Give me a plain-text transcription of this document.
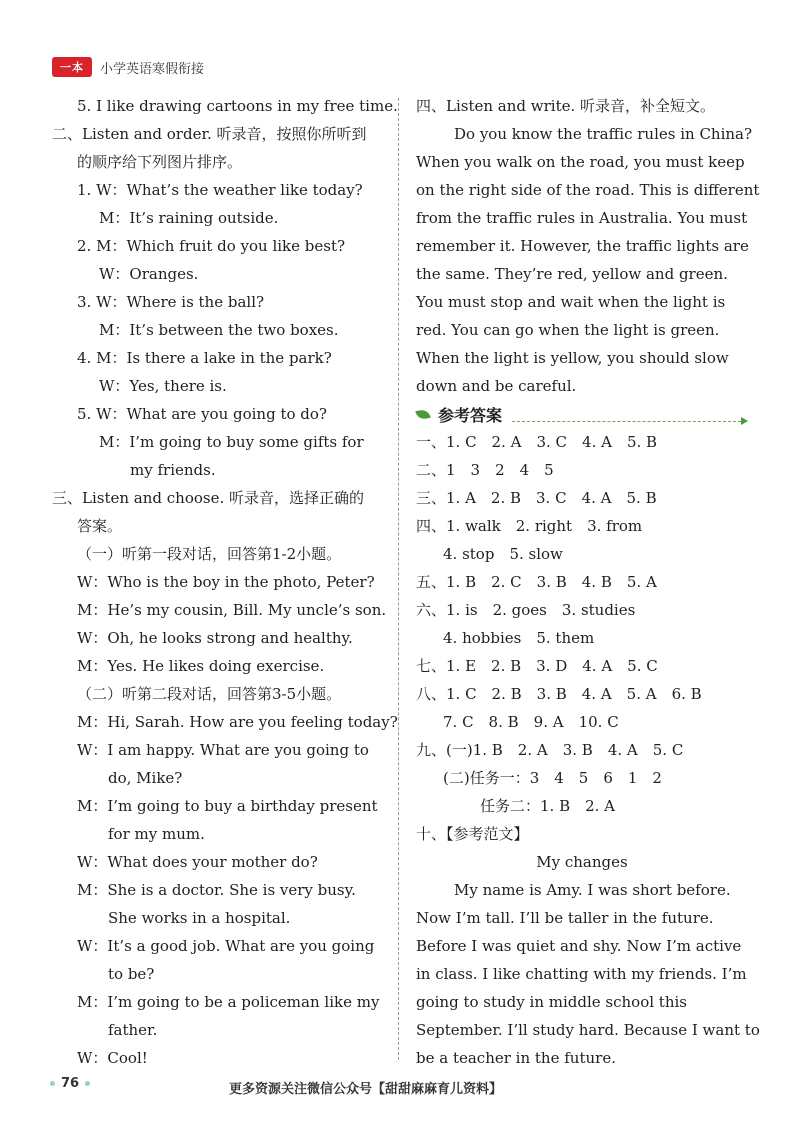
一本	小学英语寒假衔接
5. I like drawing cartoons in my free time.
二、Listen and order. 听录音，按照你所听到
的顺序给下列图片排序。
1. W：What’s the weather like today?
M：It’s raining outside.
2. M：Which fruit do you like best?
W：Oranges.
3. W：Where is the ball?
M：It’s between the two boxes.
4. M：Is there a lake in the park?
W：Yes, there is.
5. W：What are you going to do?
M：I’m going to buy some gifts for
my friends.
三、Listen and choose. 听录音，选择正确的
答案。
（一）听第一段对话，回答第1-2小题。
W：Who is the boy in the photo, Peter?
M：He’s my cousin, Bill. My uncle’s son.
W：Oh, he looks strong and healthy.
M：Yes. He likes doing exercise.
（二）听第二段对话，回答第3-5小题。
M：Hi, Sarah. How are you feeling today?
W：I am happy. What are you going to
do, Mike?
M：I’m going to buy a birthday present
for my mum.
W：What does your mother do?
M：She is a doctor. She is very busy.
She works in a hospital.
W：It’s a good job. What are you going
to be?
M：I’m going to be a policeman like my
father.
W：Cool!
四、Listen and write. 听录音，补全短文。
Do you know the traffic rules in China?
When you walk on the road, you must keep
on the right side of the road. This is different
from the traffic rules in Australia. You must
remember it. However, the traffic lights are
the same. They’re red, yellow and green.
You must stop and wait when the light is
red. You can go when the light is green.
When the light is yellow, you should slow
down and be careful.
参考答案
一、1. C　2. A　3. C　4. A　5. B
二、1　3　2　4　5
三、1. A　2. B　3. C　4. A　5. B
四、1. walk　2. right　3. from
4. stop　5. slow
五、1. B　2. C　3. B　4. B　5. A
六、1. is　2. goes　3. studies
4. hobbies　5. them
七、1. E　2. B　3. D　4. A　5. C
八、1. C　2. B　3. B　4. A　5. A　6. B
7. C　8. B　9. A　10. C
九、(一)1. B　2. A　3. B　4. A　5. C
(二)任务一：3　4　5　6　1　2
任务二：1. B　2. A
十、【参考范文】
My changes
My name is Amy. I was short before.
Now I’m tall. I’ll be taller in the future.
Before I was quiet and shy. Now I’m active
in class. I like chatting with my friends. I’m
going to study in middle school this
September. I’ll study hard. Because I want to
be a teacher in the future.
76	更多资源关注微信公众号【甜甜麻麻育儿资料】
